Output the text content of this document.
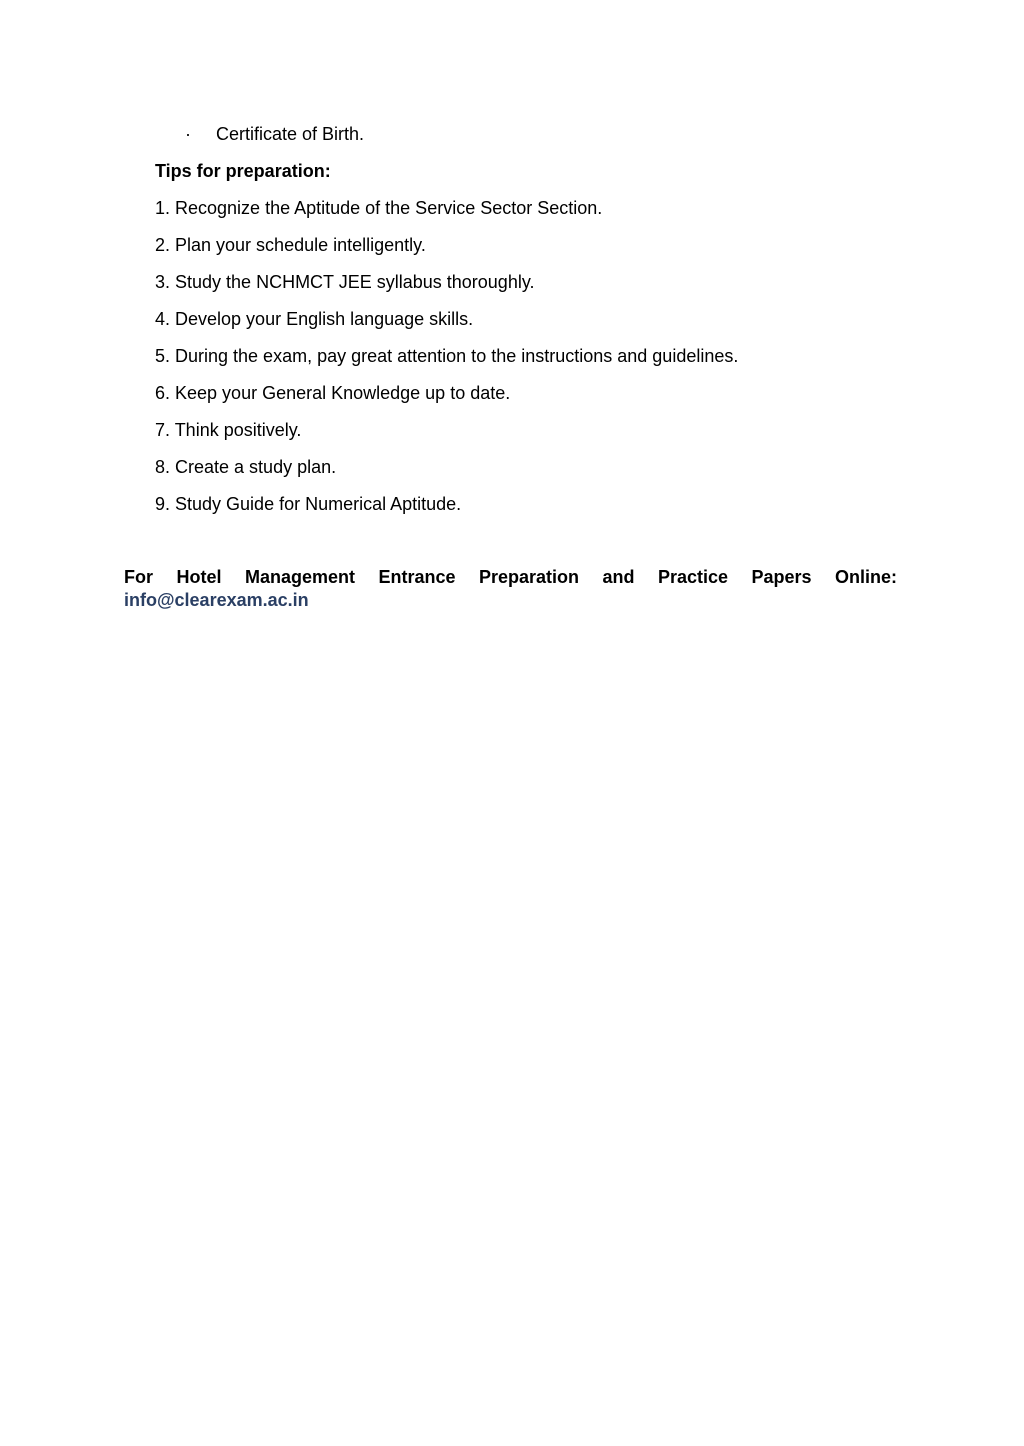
· Certificate of Birth.
Tips for preparation:
1. Recognize the Aptitude of the Service Sector Section.
2. Plan your schedule intelligently.
3. Study the NCHMCT JEE syllabus thoroughly.
4. Develop your English language skills.
5. During the exam, pay great attention to the instructions and guidelines.
6. Keep your General Knowledge up to date.
7. Think positively.
8. Create a study plan.
9. Study Guide for Numerical Aptitude.
For Hotel Management Entrance Preparation and Practice Papers Online:
info@clearexam.ac.in
